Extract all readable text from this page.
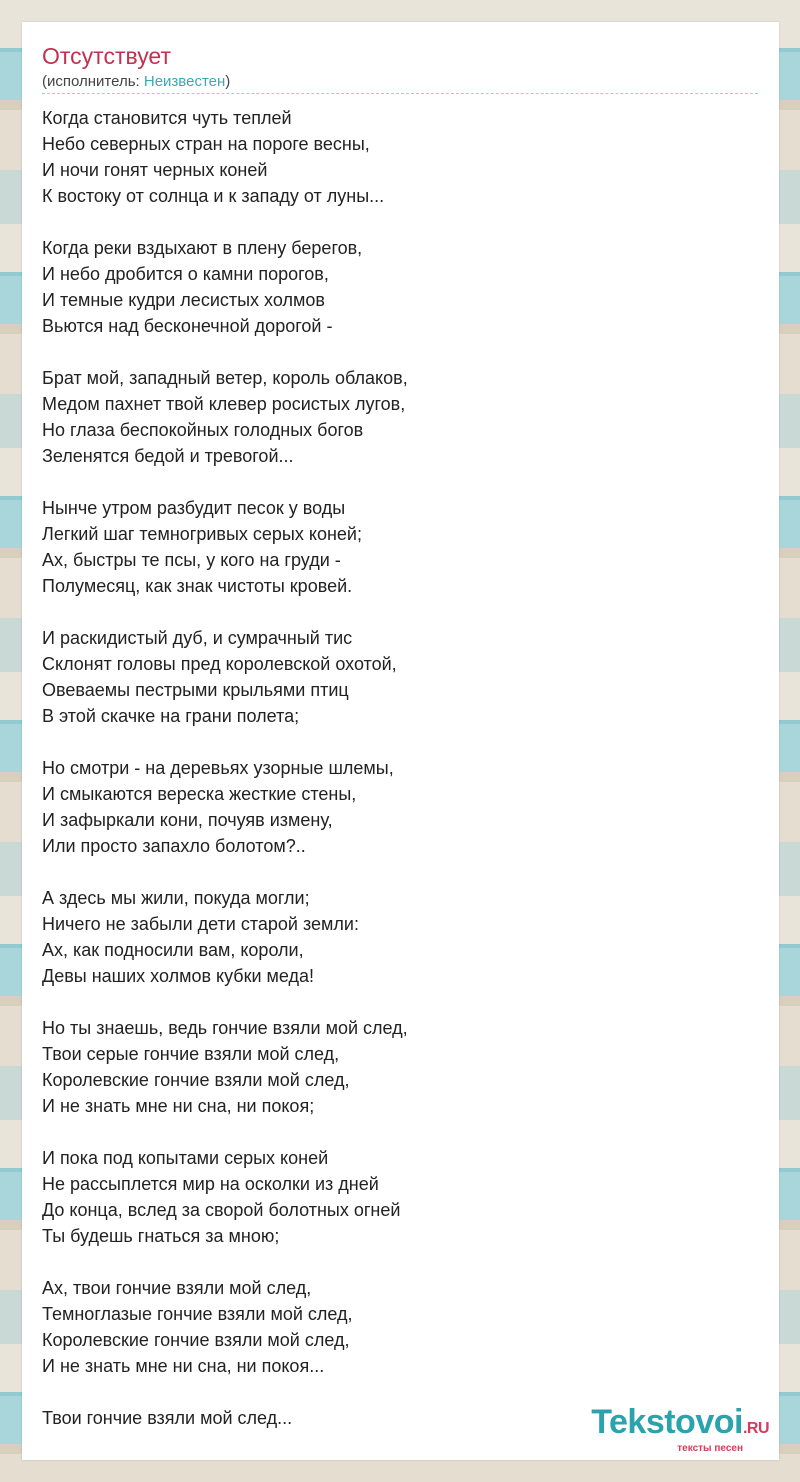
Отсутствует
(исполнитель: Неизвестен)
Когда становится чуть теплей
Небо северных стран на пороге весны,
И ночи гонят черных коней
К востоку от солнца и к западу от луны...
Когда реки вздыхают в плену берегов,
И небо дробится о камни порогов,
И темные кудри лесистых холмов
Вьются над бесконечной дорогой -
Брат мой, западный ветер, король облаков,
Медом пахнет твой клевер росистых лугов,
Но глаза беспокойных голодных богов
Зеленятся бедой и тревогой...
Нынче утром разбудит песок у воды
Легкий шаг темногривых серых коней;
Ах, быстры те псы, у кого на груди -
Полумесяц, как знак чистоты кровей.
И раскидистый дуб, и сумрачный тис
Склонят головы пред королевской охотой,
Овеваемы пестрыми крыльями птиц
В этой скачке на грани полета;
Но смотри - на деревьях узорные шлемы,
И смыкаются вереска жесткие стены,
И зафыркали кони, почуяв измену,
Или просто запахло болотом?..
А здесь мы жили, покуда могли;
Ничего не забыли дети старой земли:
Ах, как подносили вам, короли,
Девы наших холмов кубки меда!
Но ты знаешь, ведь гончие взяли мой след,
Твои серые гончие взяли мой след,
Королевские гончие взяли мой след,
И не знать мне ни сна, ни покоя;
И пока под копытами серых коней
Не рассыплется мир на осколки из дней
До конца, вслед за сворой болотных огней
Ты будешь гнаться за мною;
Ах, твои гончие взяли мой след,
Темноглазые гончие взяли мой след,
Королевские гончие взяли мой след,
И не знать мне ни сна, ни покоя...
Твои гончие взяли мой след...	Tekstovoi.RU
тексты песен
